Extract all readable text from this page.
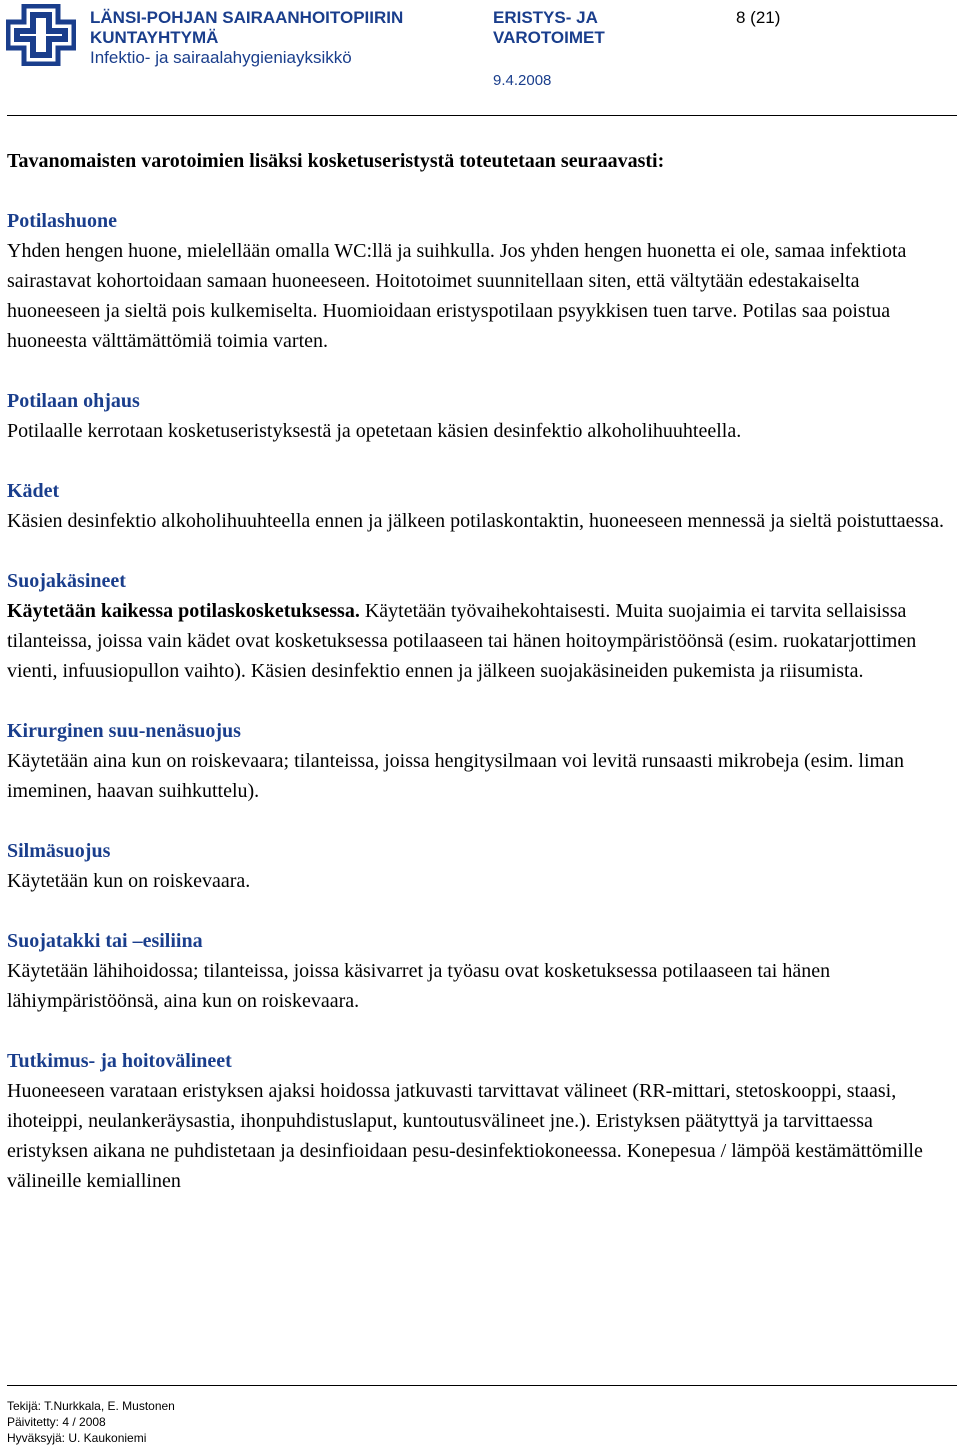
LÄNSI-POHJAN SAIRAANHOITOPIIRIN
KUNTAYHTYMÄ
Infektio- ja sairaalahygieniayksikkö
ERISTYS- JA
VAROTOIMET
9.4.2008
8 (21)

Tavanomaisten varotoimien lisäksi kosketuseristystä toteutetaan seuraavasti:

Potilashuone

Yhden hengen huone, mielellään omalla WC:llä ja suihkulla. Jos yhden hengen huonetta ei ole, samaa infektiota sairastavat kohortoidaan samaan huoneeseen. Hoitotoimet suunnitellaan siten, että vältytään edestakaiselta huoneeseen ja sieltä pois kulkemiselta. Huomioidaan eristyspotilaan psyykkisen tuen tarve. Potilas saa poistua huoneesta välttämättömiä toimia varten.

Potilaan ohjaus

Potilaalle kerrotaan kosketuseristyksestä ja opetetaan käsien desinfektio alkoholihuuhteella.

Kädet

Käsien desinfektio alkoholihuuhteella ennen ja jälkeen potilaskontaktin, huoneeseen mennessä ja sieltä poistuttaessa.

Suojakäsineet

Käytetään kaikessa potilaskosketuksessa. Käytetään työvaihekohtaisesti. Muita suojaimia ei tarvita sellaisissa tilanteissa, joissa vain kädet ovat kosketuksessa potilaaseen tai hänen hoitoympäristöönsä (esim. ruokatarjottimen vienti, infuusiopullon vaihto). Käsien desinfektio ennen ja jälkeen suojakäsineiden pukemista ja riisumista.

Kirurginen suu-nenäsuojus

Käytetään aina kun on roiskevaara; tilanteissa, joissa hengitysilmaan voi levitä runsaasti mikrobeja (esim. liman imeminen, haavan suihkuttelu).

Silmäsuojus

Käytetään kun on roiskevaara.

Suojatakki tai –esiliina

Käytetään lähihoidossa; tilanteissa, joissa käsivarret ja työasu ovat kosketuksessa potilaaseen tai hänen lähiympäristöönsä, aina kun on roiskevaara.

Tutkimus- ja hoitovälineet

Huoneeseen varataan eristyksen ajaksi hoidossa jatkuvasti tarvittavat välineet (RR-mittari, stetoskooppi, staasi, ihoteippi, neulankeräysastia, ihonpuhdistuslaput, kuntoutusvälineet jne.). Eristyksen päätyttyä ja tarvittaessa eristyksen aikana ne puhdistetaan ja desinfioidaan pesu-desinfektiokoneessa. Konepesua / lämpöä kestämättömille välineille kemiallinen

Tekijä: T.Nurkkala, E. Mustonen
Päivitetty: 4 / 2008
Hyväksyjä: U. Kaukoniemi
